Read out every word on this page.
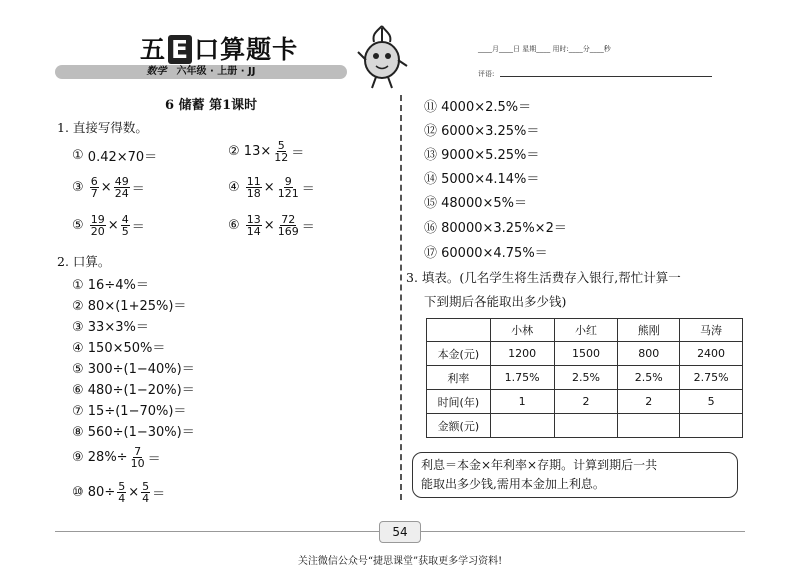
五 E 口算题卡
数学 六年级 · 上册 · JJ
____月____日 星期____ 用时:____分____秒
评语:
6 储蓄 第1课时
1. 直接写得数。
①
0.42×70＝	②
$13\times \frac{5}{12}$ ＝
③
$\frac{6}{7} \times \frac{49}{24}$ ＝	④
$\frac{11}{18} \times \frac{9}{121}$ ＝
⑤
$\frac{19}{20} \times \frac{4}{5}$ ＝	⑥
$\frac{13}{14} \times \frac{72}{169}$ ＝
2. 口算。
① 16÷4%＝
② 80×(1+25%)＝
③ 33×3%＝
④ 150×50%＝
⑤ 300÷(1−40%)＝
⑥ 480÷(1−20%)＝
⑦ 15÷(1−70%)＝
⑧ 560÷(1−30%)＝
⑨ $28\%\div \frac{7}{10}$ ＝
⑩ $80\div \frac{5}{4} \times \frac{5}{4}$ ＝
⑪ 4000×2.5%＝
⑫ 6000×3.25%＝
⑬ 9000×5.25%＝
⑭ 5000×4.14%＝
⑮ 48000×5%＝
⑯ 80000×3.25%×2＝
⑰ 60000×4.75%＝
3. 填表。(几名学生将生活费存入银行,帮忙计算一
下到期后各能取出多少钱)
	小林	小红	熊刚	马涛
本金(元)	1200	1500	800	2400
利率	1.75%	2.5%	2.5%	2.75%
时间(年)	1	2	2	5
金额(元)				
利息＝本金×年利率×存期。计算到期后一共
能取出多少钱,需用本金加上利息。
54
关注微信公众号“捷思课堂”获取更多学习资料!
